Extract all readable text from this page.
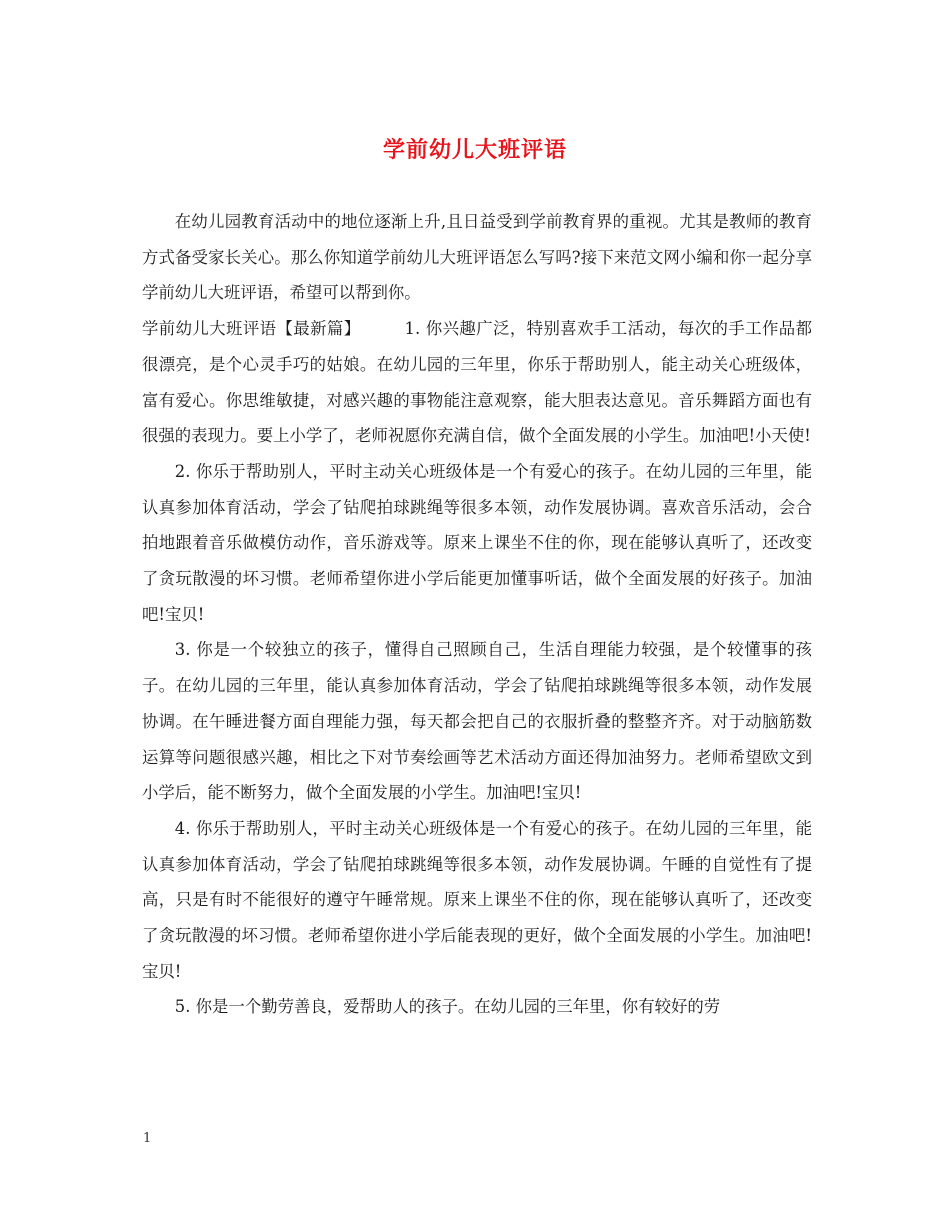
学前幼儿大班评语

在幼儿园教育活动中的地位逐渐上升,且日益受到学前教育界的重视。尤其是教师的教育方式备受家长关心。那么你知道学前幼儿大班评语怎么写吗?接下来范文网小编和你一起分享学前幼儿大班评语，希望可以帮到你。

学前幼儿大班评语【最新篇】	1. 你兴趣广泛，特别喜欢手工活动，每次的手工作品都很漂亮，是个心灵手巧的姑娘。在幼儿园的三年里，你乐于帮助别人，能主动关心班级体，富有爱心。你思维敏捷，对感兴趣的事物能注意观察，能大胆表达意见。音乐舞蹈方面也有很强的表现力。要上小学了，老师祝愿你充满自信，做个全面发展的小学生。加油吧!小天使!

2. 你乐于帮助别人，平时主动关心班级体是一个有爱心的孩子。在幼儿园的三年里，能认真参加体育活动，学会了钻爬拍球跳绳等很多本领，动作发展协调。喜欢音乐活动，会合拍地跟着音乐做模仿动作，音乐游戏等。原来上课坐不住的你，现在能够认真听了，还改变了贪玩散漫的坏习惯。老师希望你进小学后能更加懂事听话，做个全面发展的好孩子。加油吧!宝贝!

3. 你是一个较独立的孩子，懂得自己照顾自己，生活自理能力较强，是个较懂事的孩子。在幼儿园的三年里，能认真参加体育活动，学会了钻爬拍球跳绳等很多本领，动作发展协调。在午睡进餐方面自理能力强，每天都会把自己的衣服折叠的整整齐齐。对于动脑筋数运算等问题很感兴趣，相比之下对节奏绘画等艺术活动方面还得加油努力。老师希望欧文到小学后，能不断努力，做个全面发展的小学生。加油吧!宝贝!

4. 你乐于帮助别人，平时主动关心班级体是一个有爱心的孩子。在幼儿园的三年里，能认真参加体育活动，学会了钻爬拍球跳绳等很多本领，动作发展协调。午睡的自觉性有了提高，只是有时不能很好的遵守午睡常规。原来上课坐不住的你，现在能够认真听了，还改变了贪玩散漫的坏习惯。老师希望你进小学后能表现的更好，做个全面发展的小学生。加油吧!宝贝!

5. 你是一个勤劳善良，爱帮助人的孩子。在幼儿园的三年里，你有较好的劳

1
